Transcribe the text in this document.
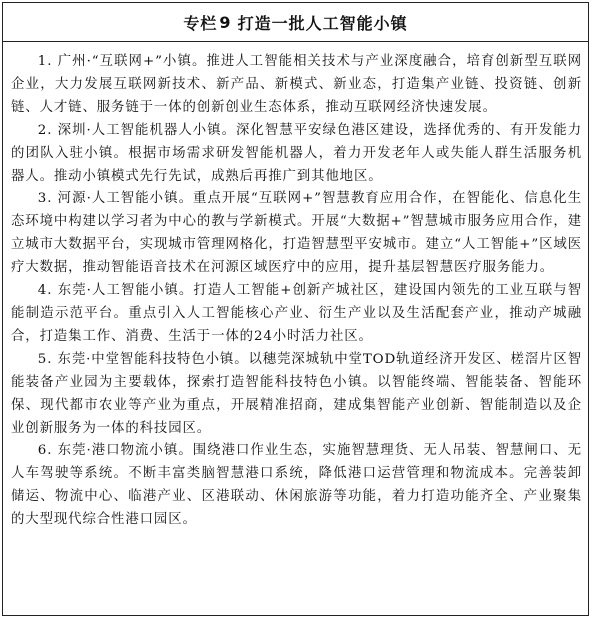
专栏 9 打造一批人工智能小镇

1. 广州·“互联网+”小镇。推进人工智能相关技术与产业深度融合，培育创新型互联网企业，大力发展互联网新技术、新产品、新模式、新业态，打造集产业链、投资链、创新链、人才链、服务链于一体的创新创业生态体系，推动互联网经济快速发展。

2. 深圳·人工智能机器人小镇。深化智慧平安绿色港区建设，选择优秀的、有开发能力的团队入驻小镇。根据市场需求研发智能机器人，着力开发老年人或失能人群生活服务机器人。推动小镇模式先行先试，成熟后再推广到其他地区。

3. 河源·人工智能小镇。重点开展“互联网+”智慧教育应用合作，在智能化、信息化生态环境中构建以学习者为中心的教与学新模式。开展“大数据+”智慧城市服务应用合作，建立城市大数据平台，实现城市管理网格化，打造智慧型平安城市。建立“人工智能+”区域医疗大数据，推动智能语音技术在河源区域医疗中的应用，提升基层智慧医疗服务能力。

4. 东莞·人工智能小镇。打造人工智能+创新产城社区，建设国内领先的工业互联与智能制造示范平台。重点引入人工智能核心产业、衍生产业以及生活配套产业，推动产城融合，打造集工作、消费、生活于一体的24小时活力社区。

5. 东莞·中堂智能科技特色小镇。以穗莞深城轨中堂TOD轨道经济开发区、槎滘片区智能装备产业园为主要载体，探索打造智能科技特色小镇。以智能终端、智能装备、智能环保、现代都市农业等产业为重点，开展精准招商，建成集智能产业创新、智能制造以及企业创新服务为一体的科技园区。

6. 东莞·港口物流小镇。围绕港口作业生态，实施智慧理货、无人吊装、智慧闸口、无人车驾驶等系统。不断丰富类脑智慧港口系统，降低港口运营管理和物流成本。完善装卸储运、物流中心、临港产业、区港联动、休闲旅游等功能，着力打造功能齐全、产业聚集的大型现代综合性港口园区。
